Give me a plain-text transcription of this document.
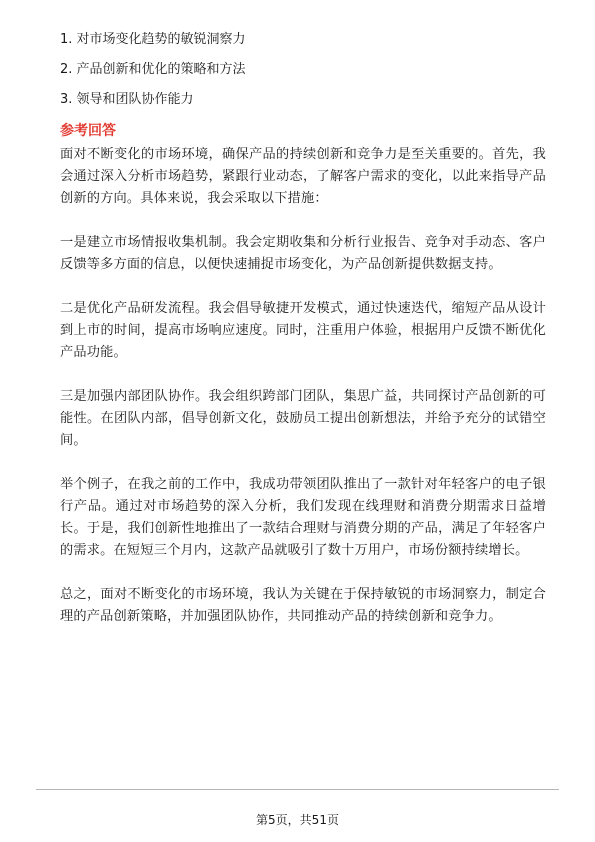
1. 对市场变化趋势的敏锐洞察力
2. 产品创新和优化的策略和方法
3. 领导和团队协作能力
参考回答

面对不断变化的市场环境，确保产品的持续创新和竞争力是至关重要的。首先，我会通过深入分析市场趋势，紧跟行业动态，了解客户需求的变化，以此来指导产品创新的方向。具体来说，我会采取以下措施：

一是建立市场情报收集机制。我会定期收集和分析行业报告、竞争对手动态、客户反馈等多方面的信息，以便快速捕捉市场变化，为产品创新提供数据支持。

二是优化产品研发流程。我会倡导敏捷开发模式，通过快速迭代，缩短产品从设计到上市的时间，提高市场响应速度。同时，注重用户体验，根据用户反馈不断优化产品功能。

三是加强内部团队协作。我会组织跨部门团队，集思广益，共同探讨产品创新的可能性。在团队内部，倡导创新文化，鼓励员工提出创新想法，并给予充分的试错空间。

举个例子，在我之前的工作中，我成功带领团队推出了一款针对年轻客户的电子银行产品。通过对市场趋势的深入分析，我们发现在线理财和消费分期需求日益增长。于是，我们创新性地推出了一款结合理财与消费分期的产品，满足了年轻客户的需求。在短短三个月内，这款产品就吸引了数十万用户，市场份额持续增长。

总之，面对不断变化的市场环境，我认为关键在于保持敏锐的市场洞察力，制定合理的产品创新策略，并加强团队协作，共同推动产品的持续创新和竞争力。

第5页，共51页
